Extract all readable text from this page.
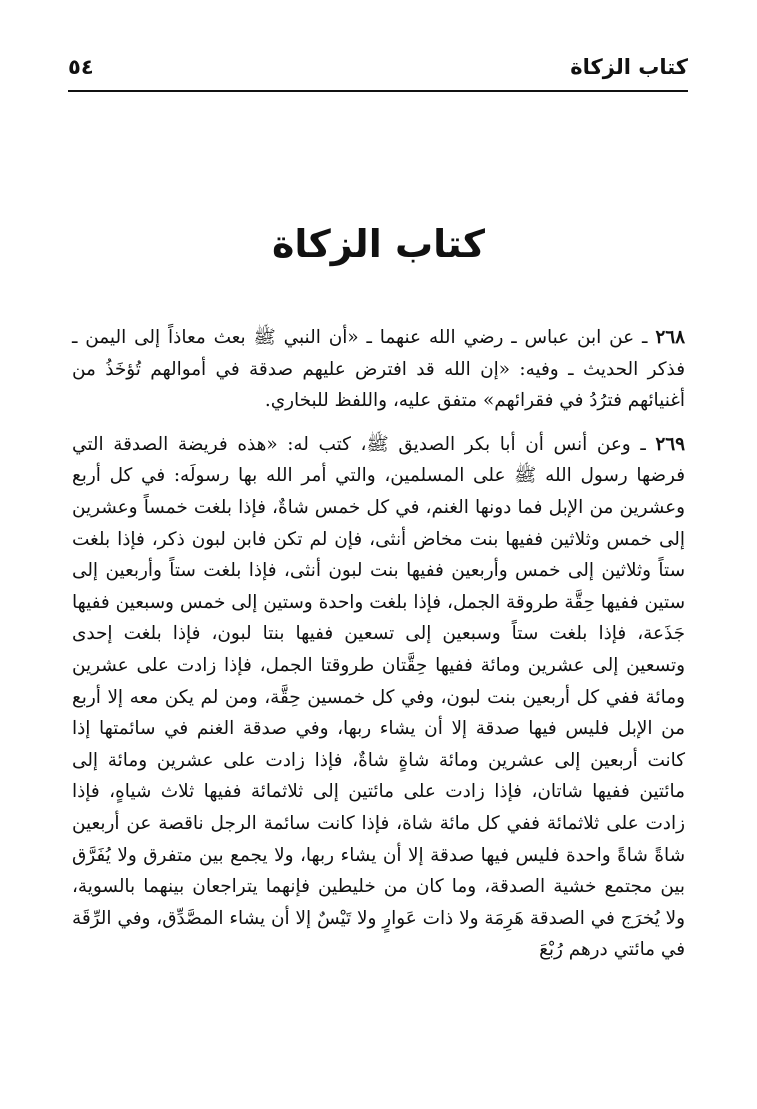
كتاب الزكاة
٥٤
كتاب الزكاة

٢٦٨ ـ عن ابن عباس ـ رضي الله عنهما ـ «أن النبي ﷺ بعث معاذاً إلى اليمن ـ فذكر الحديث ـ وفيه: «إن الله قد افترض عليهم صدقة في أموالهم تُؤخَذُ من أغنيائهم فترُدُ في فقرائهم» متفق عليه، واللفظ للبخاري.

٢٦٩ ـ وعن أنس أن أبا بكر الصديق ﷺ، كتب له: «هذه فريضة الصدقة التي فرضها رسول الله ﷺ على المسلمين، والتي أمر الله بها رسولَه: في كل أربع وعشرين من الإبل فما دونها الغنم، في كل خمس شاةٌ، فإذا بلغت خمساً وعشرين إلى خمس وثلاثين ففيها بنت مخاض أنثى، فإن لم تكن فابن لبون ذكر، فإذا بلغت ستاً وثلاثين إلى خمس وأربعين ففيها بنت لبون أنثى، فإذا بلغت ستاً وأربعين إلى ستين ففيها حِقَّة طروقة الجمل، فإذا بلغت واحدة وستين إلى خمس وسبعين ففيها جَذَعة، فإذا بلغت ستاً وسبعين إلى تسعين ففيها بنتا لبون، فإذا بلغت إحدى وتسعين إلى عشرين ومائة ففيها حِقَّتان طروقتا الجمل، فإذا زادت على عشرين ومائة ففي كل أربعين بنت لبون، وفي كل خمسين حِقَّة، ومن لم يكن معه إلا أربع من الإبل فليس فيها صدقة إلا أن يشاء ربها، وفي صدقة الغنم في سائمتها إذا كانت أربعين إلى عشرين ومائة شاةٍ شاةٌ، فإذا زادت على عشرين ومائة إلى مائتين ففيها شاتان، فإذا زادت على مائتين إلى ثلاثمائة ففيها ثلاث شياهٍ، فإذا زادت على ثلاثمائة ففي كل مائة شاة، فإذا كانت سائمة الرجل ناقصة عن أربعين شاةً شاةً واحدة فليس فيها صدقة إلا أن يشاء ربها، ولا يجمع بين متفرق ولا يُفَرَّق بين مجتمع خشية الصدقة، وما كان من خليطين فإنهما يتراجعان بينهما بالسوية، ولا يُخرَج في الصدقة هَرِمَة ولا ذات عَوارٍ ولا تَيْسٌ إلا أن يشاء المصَّدِّق، وفي الرِّقَة في مائتي درهم رُبْعَ
